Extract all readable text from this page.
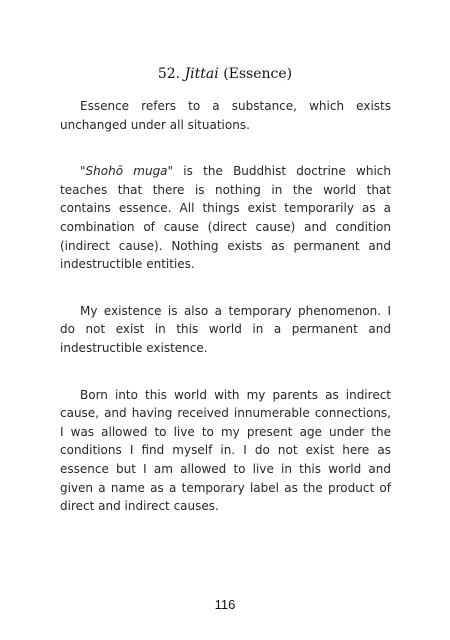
52. Jittai (Essence)

Essence refers to a substance, which exists unchanged under all situations.

"Shohō muga" is the Buddhist doctrine which teaches that there is nothing in the world that contains essence. All things exist temporarily as a combination of cause (direct cause) and condition (indirect cause). Nothing exists as permanent and indestructible entities.

My existence is also a temporary phenomenon. I do not exist in this world in a permanent and indestructible existence.

Born into this world with my parents as indirect cause, and having received innumerable connections, I was allowed to live to my present age under the conditions I find myself in. I do not exist here as essence but I am allowed to live in this world and given a name as a temporary label as the product of direct and indirect causes.

116
